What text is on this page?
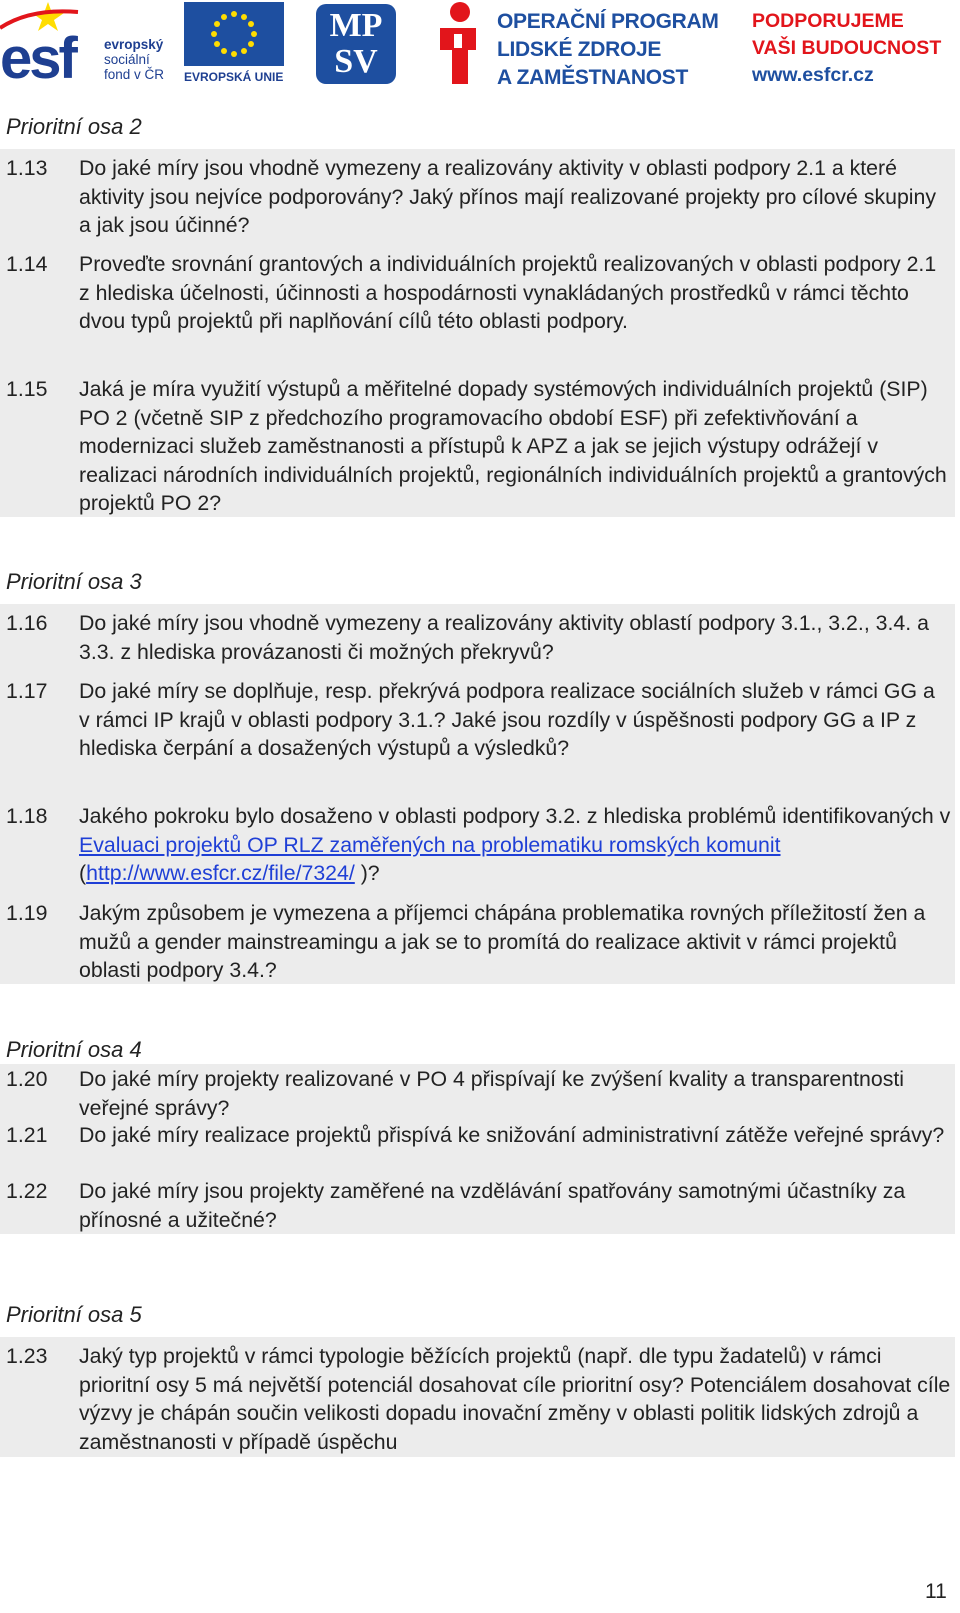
esf evropský
sociální
fond v ČR EVROPSKÁ UNIE
MP
SV
OPERAČNÍ PROGRAM
LIDSKÉ ZDROJE
A ZAMĚSTNANOST
PODPORUJEME
VAŠI BUDOUCNOST
www.esfcr.cz
Prioritní osa 2
1.13 Do jaké míry jsou vhodně vymezeny a realizovány aktivity v oblasti podpory 2.1 a které aktivity jsou nejvíce podporovány? Jaký přínos mají realizované projekty pro cílové skupiny a jak jsou účinné?
1.14 Proveďte srovnání grantových a individuálních projektů realizovaných v oblasti podpory 2.1 z hlediska účelnosti, účinnosti a hospodárnosti vynakládaných prostředků v rámci těchto dvou typů projektů při naplňování cílů této oblasti podpory.
1.15 Jaká je míra využití výstupů a měřitelné dopady systémových individuálních projektů (SIP) PO 2 (včetně SIP z předchozího programovacího období ESF) při zefektivňování a modernizaci služeb zaměstnanosti a přístupů k APZ a jak se jejich výstupy odrážejí v realizaci národních individuálních projektů, regionálních individuálních projektů a grantových projektů PO 2?
Prioritní osa 3
1.16 Do jaké míry jsou vhodně vymezeny a realizovány aktivity oblastí podpory 3.1., 3.2., 3.4. a 3.3. z hlediska provázanosti či možných překryvů?
1.17 Do jaké míry se doplňuje, resp. překrývá podpora realizace sociálních služeb v rámci GG a v rámci IP krajů v oblasti podpory 3.1.? Jaké jsou rozdíly v úspěšnosti podpory GG a IP z hlediska čerpání a dosažených výstupů a výsledků?
1.18 Jakého pokroku bylo dosaženo v oblasti podpory 3.2. z hlediska problémů identifikovaných v Evaluaci projektů OP RLZ zaměřených na problematiku romských komunit (http://www.esfcr.cz/file/7324/ )?
1.19 Jakým způsobem je vymezena a příjemci chápána problematika rovných příležitostí žen a mužů a gender mainstreamingu a jak se to promítá do realizace aktivit v rámci projektů oblasti podpory 3.4.?
Prioritní osa 4
1.20 Do jaké míry projekty realizované v PO 4 přispívají ke zvýšení kvality a transparentnosti veřejné správy?
1.21 Do jaké míry realizace projektů přispívá ke snižování administrativní zátěže veřejné správy?
1.22 Do jaké míry jsou projekty zaměřené na vzdělávání spatřovány samotnými účastníky za přínosné a užitečné?
Prioritní osa 5
1.23 Jaký typ projektů v rámci typologie běžících projektů (např. dle typu žadatelů) v rámci prioritní osy 5 má největší potenciál dosahovat cíle prioritní osy? Potenciálem dosahovat cíle výzvy je chápán součin velikosti dopadu inovační změny v oblasti politik lidských zdrojů a zaměstnanosti v případě úspěchu
11
